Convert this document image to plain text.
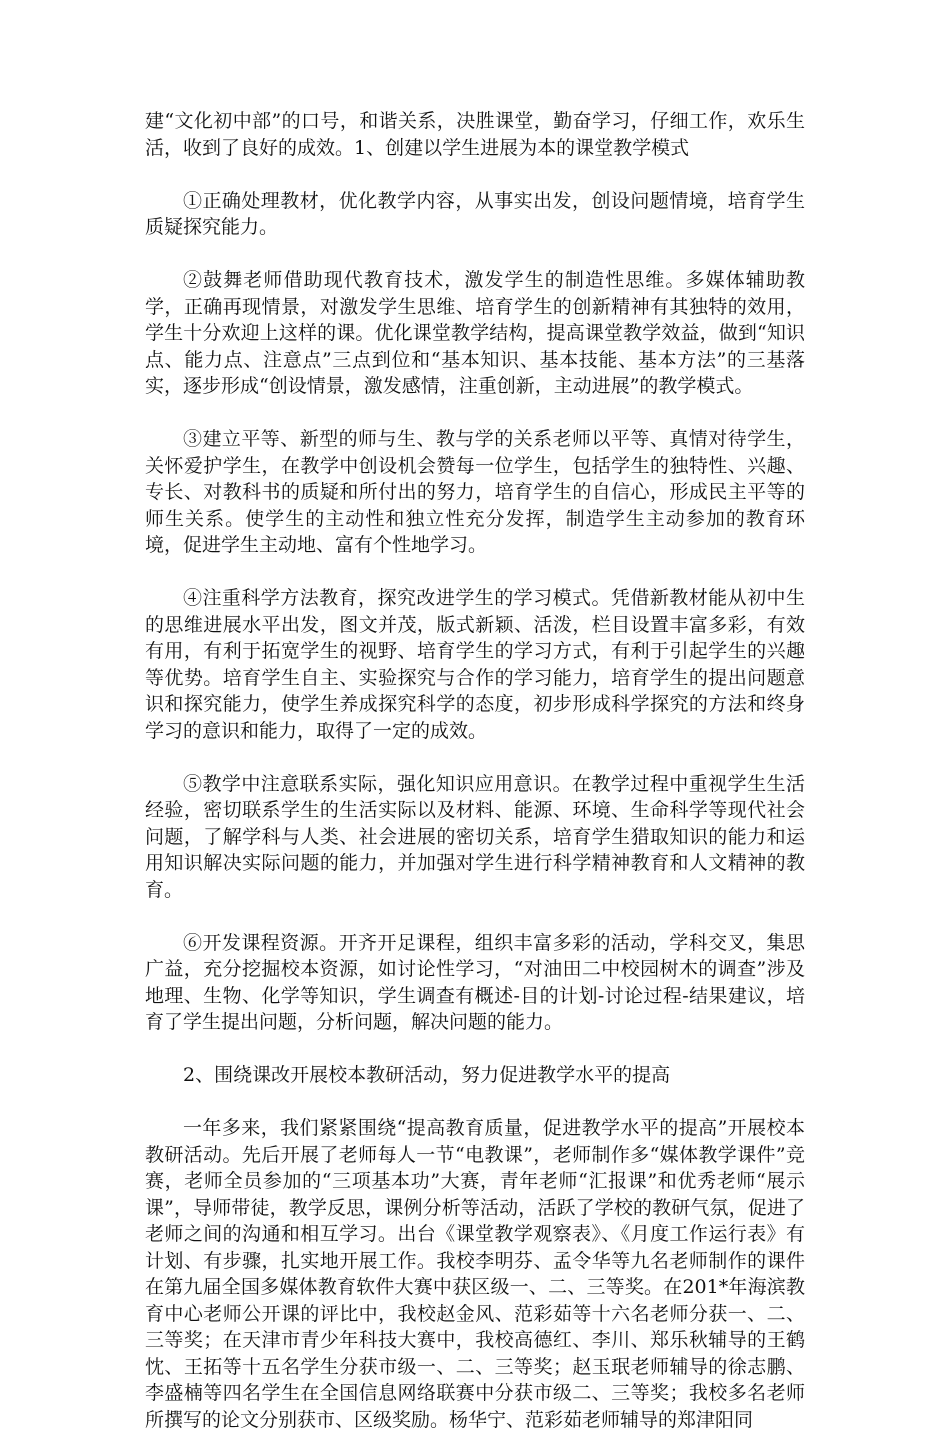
建“文化初中部”的口号，和谐关系，决胜课堂，勤奋学习，仔细工作，欢乐生活，收到了良好的成效。1、创建以学生进展为本的课堂教学模式

①正确处理教材，优化教学内容，从事实出发，创设问题情境，培育学生质疑探究能力。

②鼓舞老师借助现代教育技术，激发学生的制造性思维。多媒体辅助教学，正确再现情景，对激发学生思维、培育学生的创新精神有其独特的效用，学生十分欢迎上这样的课。优化课堂教学结构，提高课堂教学效益，做到“知识点、能力点、注意点”三点到位和“基本知识、基本技能、基本方法”的三基落实，逐步形成“创设情景，激发感情，注重创新，主动进展”的教学模式。

③建立平等、新型的师与生、教与学的关系老师以平等、真情对待学生，关怀爱护学生，在教学中创设机会赞每一位学生，包括学生的独特性、兴趣、专长、对教科书的质疑和所付出的努力，培育学生的自信心，形成民主平等的师生关系。使学生的主动性和独立性充分发挥，制造学生主动参加的教育环境，促进学生主动地、富有个性地学习。

④注重科学方法教育，探究改进学生的学习模式。凭借新教材能从初中生的思维进展水平出发，图文并茂，版式新颖、活泼，栏目设置丰富多彩，有效有用，有利于拓宽学生的视野、培育学生的学习方式，有利于引起学生的兴趣等优势。培育学生自主、实验探究与合作的学习能力，培育学生的提出问题意识和探究能力，使学生养成探究科学的态度，初步形成科学探究的方法和终身学习的意识和能力，取得了一定的成效。

⑤教学中注意联系实际，强化知识应用意识。在教学过程中重视学生生活经验，密切联系学生的生活实际以及材料、能源、环境、生命科学等现代社会问题，了解学科与人类、社会进展的密切关系，培育学生猎取知识的能力和运用知识解决实际问题的能力，并加强对学生进行科学精神教育和人文精神的教育。

⑥开发课程资源。开齐开足课程，组织丰富多彩的活动，学科交叉，集思广益，充分挖掘校本资源，如讨论性学习，“对油田二中校园树木的调查”涉及地理、生物、化学等知识，学生调查有概述-目的计划-讨论过程-结果建议，培育了学生提出问题，分析问题，解决问题的能力。

2、围绕课改开展校本教研活动，努力促进教学水平的提高

一年多来，我们紧紧围绕“提高教育质量，促进教学水平的提高”开展校本教研活动。先后开展了老师每人一节“电教课”，老师制作多“媒体教学课件”竞赛，老师全员参加的“三项基本功”大赛，青年老师“汇报课”和优秀老师“展示课”，导师带徒，教学反思，课例分析等活动，活跃了学校的教研气氛，促进了老师之间的沟通和相互学习。出台《课堂教学观察表》、《月度工作运行表》有计划、有步骤，扎实地开展工作。我校李明芬、孟令华等九名老师制作的课件在第九届全国多媒体教育软件大赛中获区级一、二、三等奖。在201*年海滨教育中心老师公开课的评比中，我校赵金风、范彩茹等十六名老师分获一、二、三等奖；在天津市青少年科技大赛中，我校高德红、李川、郑乐秋辅导的王鹤忱、王拓等十五名学生分获市级一、二、三等奖；赵玉珉老师辅导的徐志鹏、李盛楠等四名学生在全国信息网络联赛中分获市级二、三等奖；我校多名老师所撰写的论文分别获市、区级奖励。杨华宁、范彩茹老师辅导的郑津阳同
